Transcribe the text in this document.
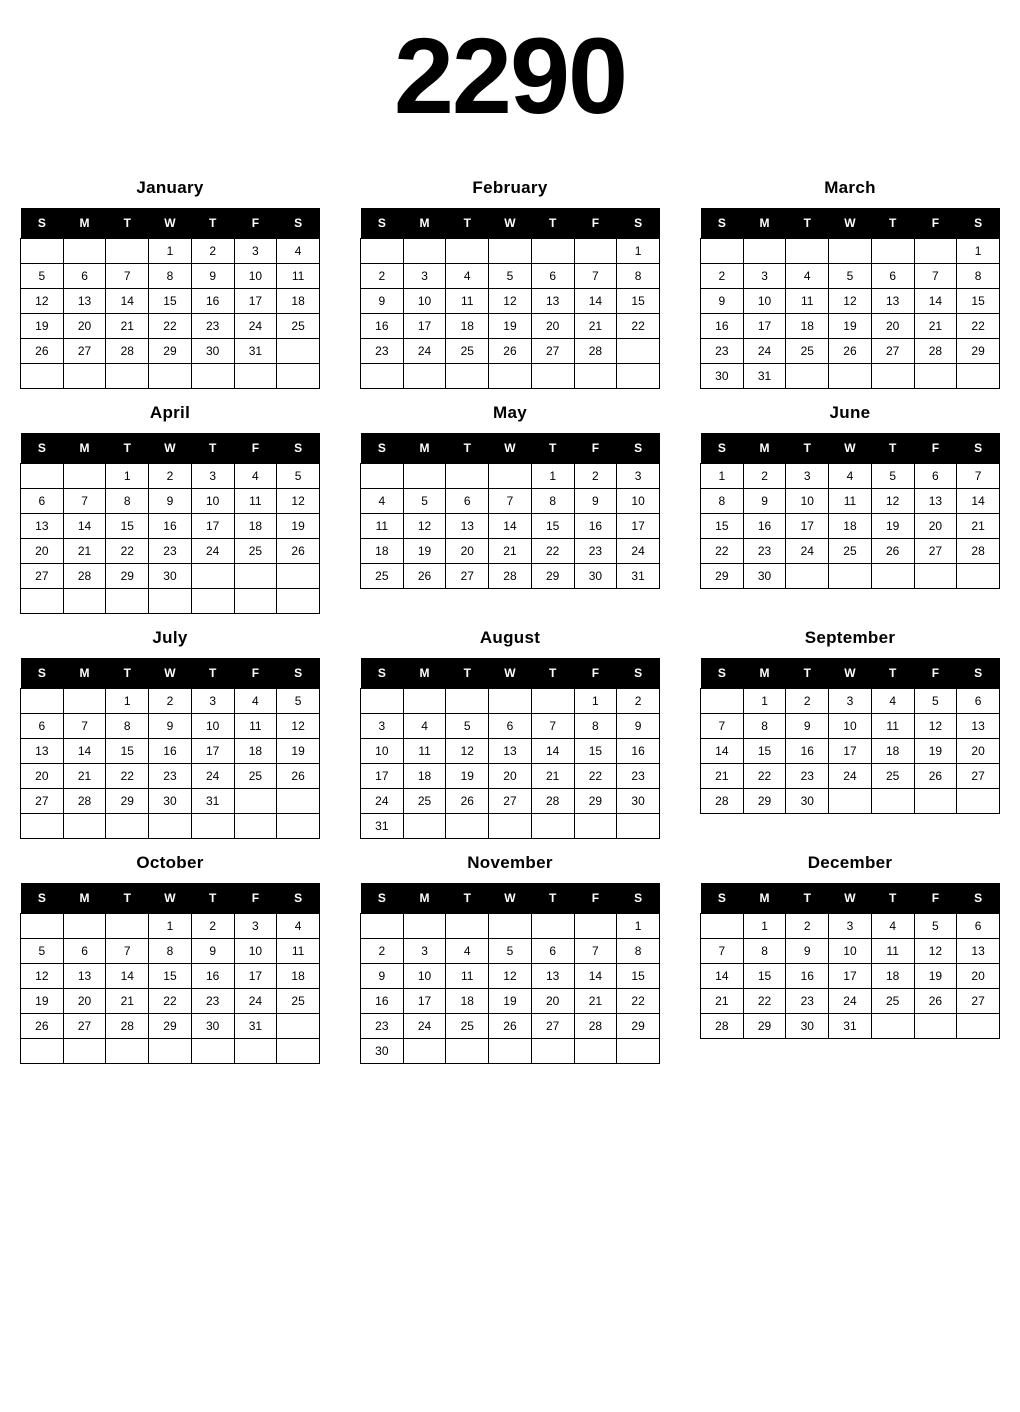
2290
January
S	M	T	W	T	F	S
			1	2	3	4
5	6	7	8	9	10	11
12	13	14	15	16	17	18
19	20	21	22	23	24	25
26	27	28	29	30	31	

February
S	M	T	W	T	F	S
						1
2	3	4	5	6	7	8
9	10	11	12	13	14	15
16	17	18	19	20	21	22
23	24	25	26	27	28	

March
S	M	T	W	T	F	S
						1
2	3	4	5	6	7	8
9	10	11	12	13	14	15
16	17	18	19	20	21	22
23	24	25	26	27	28	29
30	31					
April
S	M	T	W	T	F	S
		1	2	3	4	5
6	7	8	9	10	11	12
13	14	15	16	17	18	19
20	21	22	23	24	25	26
27	28	29	30			

May
S	M	T	W	T	F	S
				1	2	3
4	5	6	7	8	9	10
11	12	13	14	15	16	17
18	19	20	21	22	23	24
25	26	27	28	29	30	31
June
S	M	T	W	T	F	S
1	2	3	4	5	6	7
8	9	10	11	12	13	14
15	16	17	18	19	20	21
22	23	24	25	26	27	28
29	30					
July
S	M	T	W	T	F	S
		1	2	3	4	5
6	7	8	9	10	11	12
13	14	15	16	17	18	19
20	21	22	23	24	25	26
27	28	29	30	31		

August
S	M	T	W	T	F	S
					1	2
3	4	5	6	7	8	9
10	11	12	13	14	15	16
17	18	19	20	21	22	23
24	25	26	27	28	29	30
31						
September
S	M	T	W	T	F	S
	1	2	3	4	5	6
7	8	9	10	11	12	13
14	15	16	17	18	19	20
21	22	23	24	25	26	27
28	29	30				
October
S	M	T	W	T	F	S
			1	2	3	4
5	6	7	8	9	10	11
12	13	14	15	16	17	18
19	20	21	22	23	24	25
26	27	28	29	30	31	

November
S	M	T	W	T	F	S
						1
2	3	4	5	6	7	8
9	10	11	12	13	14	15
16	17	18	19	20	21	22
23	24	25	26	27	28	29
30						
December
S	M	T	W	T	F	S
	1	2	3	4	5	6
7	8	9	10	11	12	13
14	15	16	17	18	19	20
21	22	23	24	25	26	27
28	29	30	31			
